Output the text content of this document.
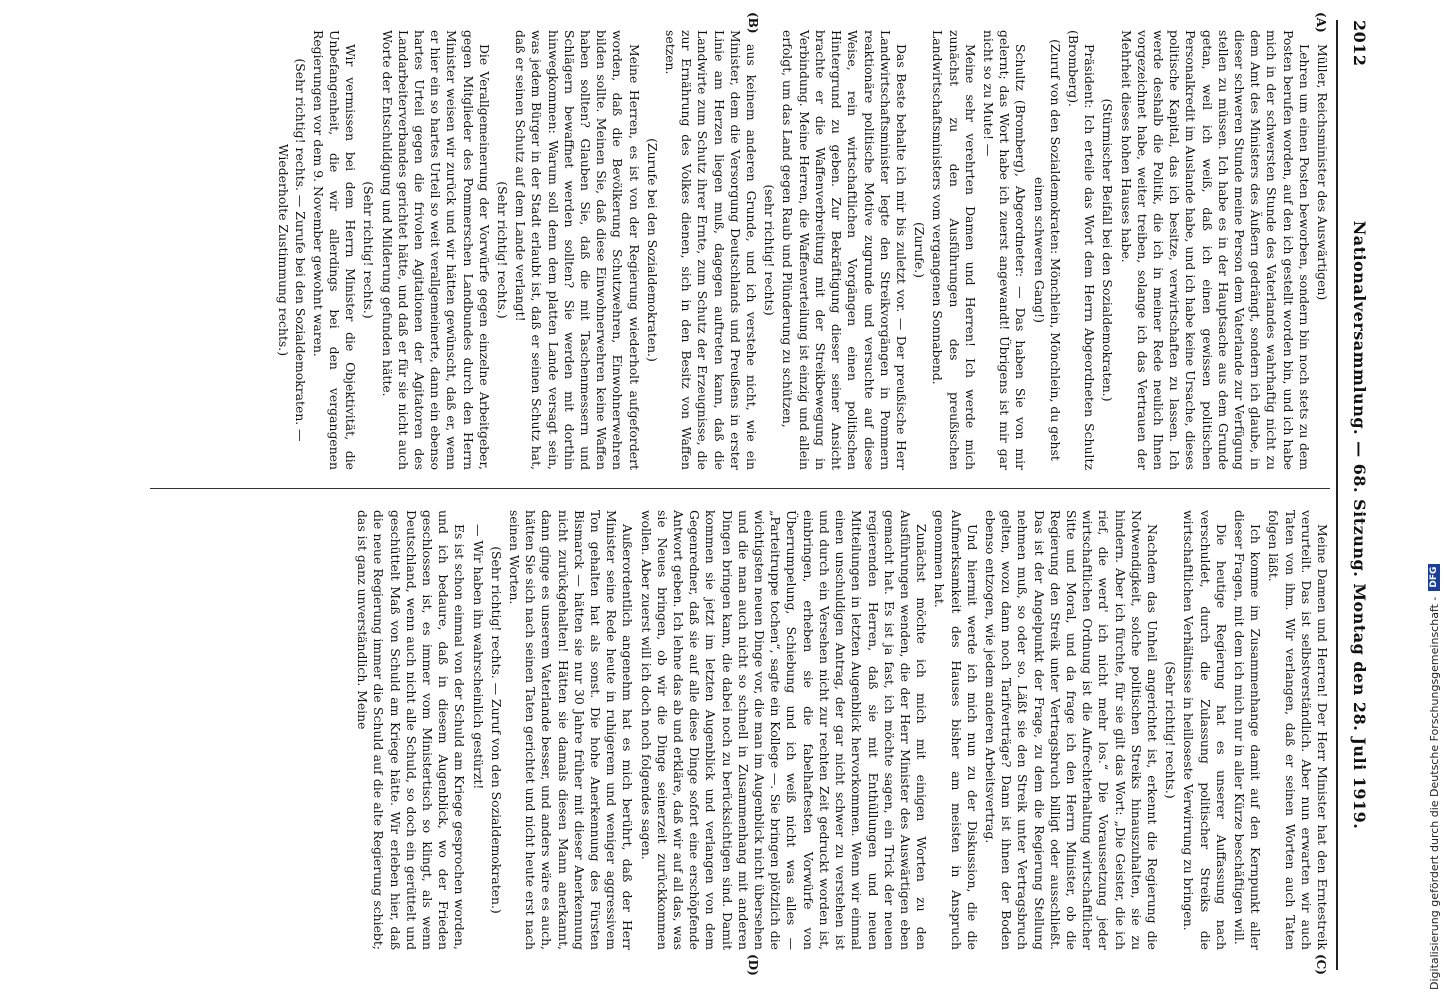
2012
Nationalversammlung. — 68. Sitzung. Montag den 28. Juli 1919.
(A)
(B)
(C)
(D)

Müller, Reichsminister des Auswärtigen)

Lehren um einen Posten beworben, sondern bin noch stets zu dem Posten berufen worden, auf den ich gestellt worden bin, und ich habe mich in der schwersten Stunde des Vaterlandes wahrhaftig nicht zu dem Amt des Ministers des Äußern gedrängt, sondern ich glaube, in dieser schweren Stunde meine Person dem Vaterlande zur Verfügung stellen zu müssen. Ich habe es in der Hauptsache aus dem Grunde getan, weil ich weiß, daß ich einen gewissen politischen Personalkredit im Auslande habe, und ich habe keine Ursache, dieses politische Kapital, das ich besitze, verwirtschaften zu lassen. Ich werde deshalb die Politik, die ich in meiner Rede neulich Ihnen vorgezeichnet habe, weiter treiben, solange ich das Vertrauen der Mehrheit dieses hohen Hauses habe.

(Stürmischer Beifall bei den Sozialdemokraten.)

Präsident: Ich erteile das Wort dem Herrn Abgeordneten Schultz (Bromberg).

(Zuruf von den Sozialdemokraten: Mönchlein, Mönchlein, du gehst einen schweren Gang!)

Schultz (Bromberg), Abgeordneter: — Das haben Sie von mir gelernt; das Wort habe ich zuerst angewandt! Übrigens ist mir gar nicht so zu Mute! —

Meine sehr verehrten Damen und Herren! Ich werde mich zunächst zu den Ausführungen des preußischen Landwirtschaftsministers vom vergangenen Sonnabend.

(Zurufe.)

Das Beste behalte ich mir bis zuletzt vor. — Der preußische Herr Landwirtschaftsminister legte den Streikvorgängen in Pommern reaktionäre politische Motive zugrunde und versuchte auf diese Weise, rein wirtschaftlichen Vorgängen einen politischen Hintergrund zu geben. Zur Bekräftigung dieser seiner Ansicht brachte er die Waffenverbreitung mit der Streikbewegung in Verbindung. Meine Herren, die Waffenverteilung ist einzig und allein erfolgt, um das Land gegen Raub und Plünderung zu schützen,

(sehr richtig! rechts)

aus keinem anderen Grunde, und ich verstehe nicht, wie ein Minister, dem die Versorgung Deutschlands und Preußens in erster Linie am Herzen liegen muß, dagegen auftreten kann, daß die Landwirte zum Schutz ihrer Ernte, zum Schutz der Erzeugnisse, die zur Ernährung des Volkes dienen, sich in den Besitz von Waffen setzen.

(Zurufe bei den Sozialdemokraten.)

Meine Herren, es ist von der Regierung wiederholt aufgefordert worden, daß die Bevölkerung Schutzwehren, Einwohnerwehren bilden sollte. Meinen Sie, daß diese Einwohnerwehren keine Waffen haben sollten? Glauben Sie, daß die mit Taschenmessern und Schlägern bewaffnet werden sollten? Sie werden mit dorthin hinwegkommen: Warum soll denn dem platten Lande versagt sein, was jedem Bürger in der Stadt erlaubt ist, daß er seinen Schutz hat, daß er seinen Schutz auf dem Lande verlangt!

(Sehr richtig! rechts.)

Die Verallgemeinerung der Vorwürfe gegen einzelne Arbeitgeber, gegen Mitglieder des Pommerschen Landbundes durch den Herrn Minister weisen wir zurück und wir hätten gewünscht, daß er, wenn er hier ein so hartes Urteil so weit verallgemeinerte, dann ein ebenso hartes Urteil gegen die frivolen Agitationen der Agitatoren des Landarbeiterverbandes gerichtet hätte, und daß er für sie nicht auch Worte der Entschuldigung und Milderung gefunden hätte.

(Sehr richtig! rechts.)

Wir vermissen bei dem Herrn Minister die Objektivität, die Unbefangenheit, die wir allerdings bei den vergangenen Regierungen vor dem 9. November gewohnt waren.

(Sehr richtig! rechts. — Zurufe bei den Sozialdemokraten. — Wiederholte Zustimmung rechts.)

Meine Damen und Herren! Der Herr Minister hat den Erntestreik verurteilt. Das ist selbstverständlich. Aber nun erwarten wir auch Taten von ihm. Wir verlangen, daß er seinen Worten auch Taten folgen läßt.

Ich komme im Zusammenhange damit auf den Kernpunkt aller dieser Fragen, mit dem ich mich nur in aller Kürze beschäftigen will.

Die heutige Regierung hat es unserer Auffassung nach verschuldet, durch die Zulassung politischer Streiks die wirtschaftlichen Verhältnisse in heilloseste Verwirrung zu bringen.

(Sehr richtig! rechts.)

Nachdem das Unheil angerichtet ist, erkennt die Regierung die Notwendigkeit, solche politischen Streiks hinauszuhalten, sie zu hindern. Aber ich fürchte, für sie gilt das Wort: „Die Geister, die ich rief, die werd' ich nicht mehr los.“ Die Voraussetzung jeder wirtschaftlichen Ordnung ist die Aufrechterhaltung wirtschaftlicher Sitte und Moral, und da frage ich den Herrn Minister, ob die Regierung den Streik unter Vertragsbruch billigt oder ausschließt. Das ist der Angelpunkt der Frage, zu dem die Regierung Stellung nehmen muß, so oder so. Läßt sie den Streik unter Vertragsbruch gelten, wozu dann noch Tarifverträge? Dann ist ihnen der Boden ebenso entzogen, wie jedem anderen Arbeitsvertrag.

Und hiermit werde ich mich nun zu der Diskussion, die die Aufmerksamkeit des Hauses bisher am meisten in Anspruch genommen hat.

Zunächst möchte ich mich mit einigen Worten zu den Ausführungen wenden, die der Herr Minister des Auswärtigen eben gemacht hat. Es ist ja fast, ich möchte sagen, ein Trick der neuen regierenden Herren, daß sie mit Enthüllungen und neuen Mitteilungen in letzten Augenblick hervorkommen. Wenn wir einmal einen unschuldigen Antrag, der gar nicht schwer zu verstehen ist und durch ein Versehen nicht zur rechten Zeit gedruckt worden ist, einbringen, erheben sie die fabelhaftesten Vorwürfe von Überrumpelung, Schiebung und ich weiß nicht was alles — „Parteitruppe tochen“, sagte ein Kollege —. Sie bringen plötzlich die wichtigsten neuen Dinge vor, die man im Augenblick nicht übersehen und die man auch nicht so schnell in Zusammenhang mit anderen Dingen bringen kann, die dabei noch zu berücksichtigen sind. Damit kommen sie jetzt im letzten Augenblick und verlangen von dem Gegenredner, daß sie auf alle diese Dinge sofort eine erschöpfende Antwort geben. Ich lehne das ab und erkläre, daß wir auf all das, was sie Neues bringen, ob wir die Dinge seinerzeit zurückkommen wollen. Aber zuerst will ich doch noch folgendes sagen.

Außerordentlich angenehm hat es mich berührt, daß der Herr Minister seine Rede heute in ruhigerem und weniger aggressivem Ton gehalten hat als sonst. Die hohe Anerkennung des Fürsten Bismarck — hätten sie nur 30 Jahre früher mit dieser Anerkennung nicht zurückgehalten! Hätten sie damals diesen Mann anerkannt, dann ginge es unserem Vaterlande besser, und anders wäre es auch, hätten Sie sich nach seinen Taten gerichtet und nicht heute erst nach seinen Worten.

(Sehr richtig! rechts. — Zuruf von den Sozialdemokraten.)

— Wir haben ihn wahrscheinlich gestürzt!

Es ist schon einmal von der Schuld am Kriege gesprochen worden, und ich bedaure, daß in diesem Augenblick, wo der Frieden geschlossen ist, es immer vom Ministertisch so klingt, als wenn Deutschland, wenn auch nicht alle Schuld, so doch ein gerüttelt und geschüttelt Maß von Schuld am Kriege hätte. Wir erleben hier, daß die neue Regierung immer die Schuld auf die alte Regierung schiebt; das ist ganz unverständlich. Meine	Digitalisierung gefördert durch die Deutsche Forschungsgemeinschaft -
DFG
